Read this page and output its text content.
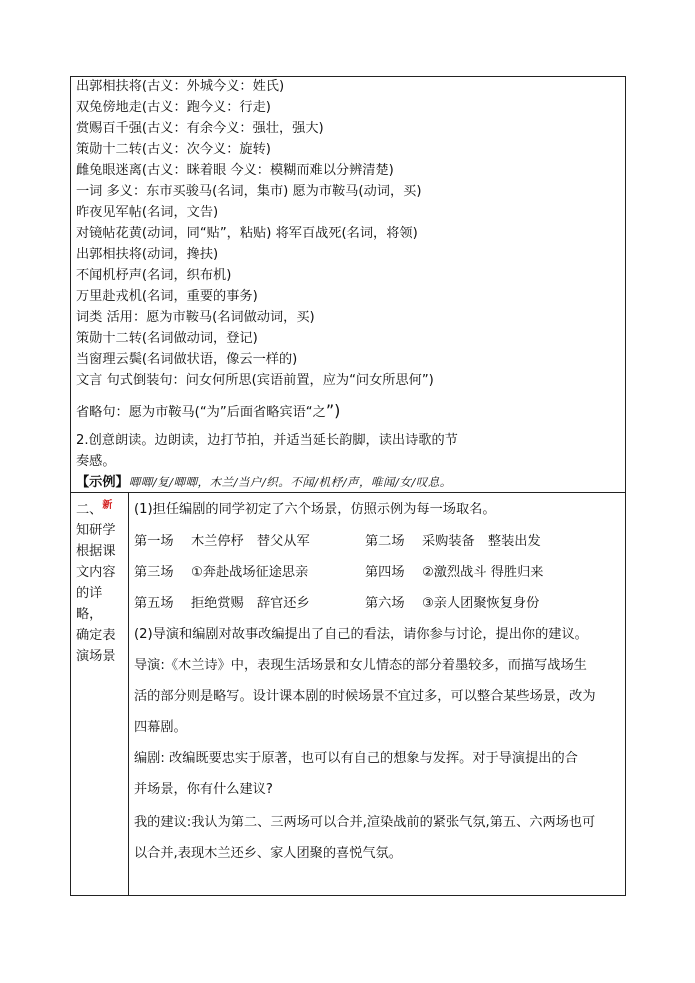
出郭相扶将(古义：外城今义：姓氏)
双兔傍地走(古义：跑今义：行走)
赏赐百千强(古义：有余今义：强壮，强大)
策勋十二转(古义：次今义：旋转)
雌兔眼迷离(古义：眯着眼 今义：模糊而难以分辨清楚)
一词 多义：东市买骏马(名词，集市) 愿为市鞍马(动词，买)
昨夜见军帖(名词，文告)
对镜帖花黄(动词，同“贴”，粘贴) 将军百战死(名词，将领)
出郭相扶将(动词，搀扶)
不闻机杼声(名词，织布机)
万里赴戎机(名词，重要的事务)
词类 活用：愿为市鞍马(名词做动词，买)
策勋十二转(名词做动词，登记)
当窗理云鬓(名词做状语，像云一样的)
文言 句式倒装句：问女何所思(宾语前置，应为“问女所思何”)
省略句：愿为市鞍马(“为”后面省略宾语“之”)
2.创意朗读。边朗读，边打节拍，并适当延长韵脚，读出诗歌的节
奏感。
【示例】唧唧/复/唧唧，木兰/当户/织。不闻/机杼/声，唯闻/女/叹息。
二、$^新$
知研学
根据课
文内容
的详略，
确定表
演场景
(1)担任编剧的同学初定了六个场景，仿照示例为每一场取名。
第一场　 木兰停杼　替父从军	第二场　 采购装备　整装出发
第三场　 ①奔赴战场征途思亲	第四场　 ②激烈战斗 得胜归来
第五场　 拒绝赏赐　辞官还乡	第六场　 ③亲人团聚恢复身份
(2)导演和编剧对故事改编提出了自己的看法，请你参与讨论，提出你的建议。
导演:《木兰诗》中，表现生活场景和女儿情态的部分着墨较多，而描写战场生
活的部分则是略写。设计课本剧的时候场景不宜过多，可以整合某些场景，改为
四幕剧。
编剧: 改编既要忠实于原著，也可以有自己的想象与发挥。对于导演提出的合
并场景，你有什么建议?
我的建议:我认为第二、三两场可以合并,渲染战前的紧张气氛,第五、六两场也可
以合并,表现木兰还乡、家人团聚的喜悦气氛。
